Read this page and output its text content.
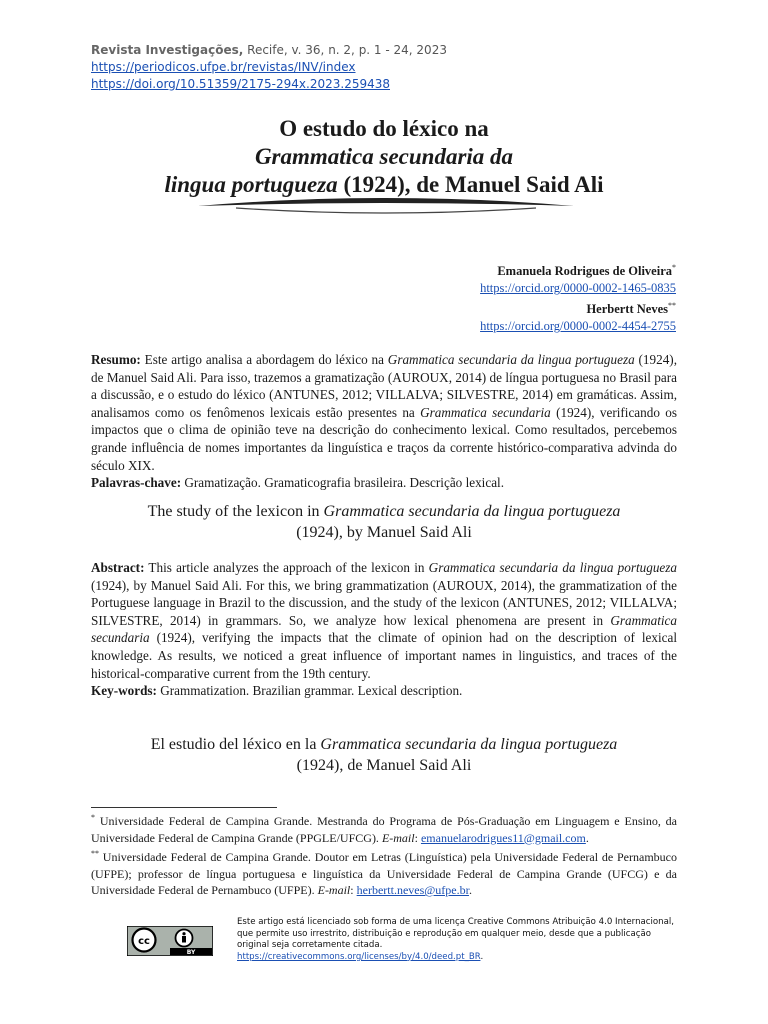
Revista Investigações, Recife, v. 36, n. 2, p. 1 - 24, 2023
https://periodicos.ufpe.br/revistas/INV/index
https://doi.org/10.51359/2175-294x.2023.259438
O estudo do léxico na
Grammatica secundaria da
lingua portugueza (1924), de Manuel Said Ali
Emanuela Rodrigues de Oliveira*
https://orcid.org/0000-0002-1465-0835
Herbertt Neves**
https://orcid.org/0000-0002-4454-2755
Resumo: Este artigo analisa a abordagem do léxico na Grammatica secundaria da lingua portugueza (1924), de Manuel Said Ali. Para isso, trazemos a gramatização (AUROUX, 2014) de língua portuguesa no Brasil para a discussão, e o estudo do léxico (ANTUNES, 2012; VILLALVA; SILVESTRE, 2014) em gramáticas. Assim, analisamos como os fenômenos lexicais estão presentes na Grammatica secundaria (1924), verificando os impactos que o clima de opinião teve na descrição do conhecimento lexical. Como resultados, percebemos grande influência de nomes importantes da linguística e traços da corrente histórico-comparativa advinda do século XIX.
Palavras-chave: Gramatização. Gramaticografia brasileira. Descrição lexical.
The study of the lexicon in Grammatica secundaria da lingua portugueza
(1924), by Manuel Said Ali
Abstract: This article analyzes the approach of the lexicon in Grammatica secundaria da lingua portugueza (1924), by Manuel Said Ali. For this, we bring grammatization (AUROUX, 2014), the grammatization of the Portuguese language in Brazil to the discussion, and the study of the lexicon (ANTUNES, 2012; VILLALVA; SILVESTRE, 2014) in grammars. So, we analyze how lexical phenomena are present in Grammatica secundaria (1924), verifying the impacts that the climate of opinion had on the description of lexical knowledge. As results, we noticed a great influence of important names in linguistics, and traces of the historical-comparative current from the 19th century.
Key-words: Grammatization. Brazilian grammar. Lexical description.
El estudio del léxico en la Grammatica secundaria da lingua portugueza
(1924), de Manuel Said Ali

* Universidade Federal de Campina Grande. Mestranda do Programa de Pós-Graduação em Linguagem e Ensino, da Universidade Federal de Campina Grande (PPGLE/UFCG). E-mail: emanuelarodrigues11@gmail.com.

** Universidade Federal de Campina Grande. Doutor em Letras (Linguística) pela Universidade Federal de Pernambuco (UFPE); professor de língua portuguesa e linguística da Universidade Federal de Campina Grande (UFCG) e da Universidade Federal de Pernambuco (UFPE). E-mail: herbertt.neves@ufpe.br.

cc
BY
Este artigo está licenciado sob forma de uma licença Creative Commons Atribuição 4.0 Internacional, que permite uso irrestrito, distribuição e reprodução em qualquer meio, desde que a publicação original seja corretamente citada.
https://creativecommons.org/licenses/by/4.0/deed.pt_BR.
